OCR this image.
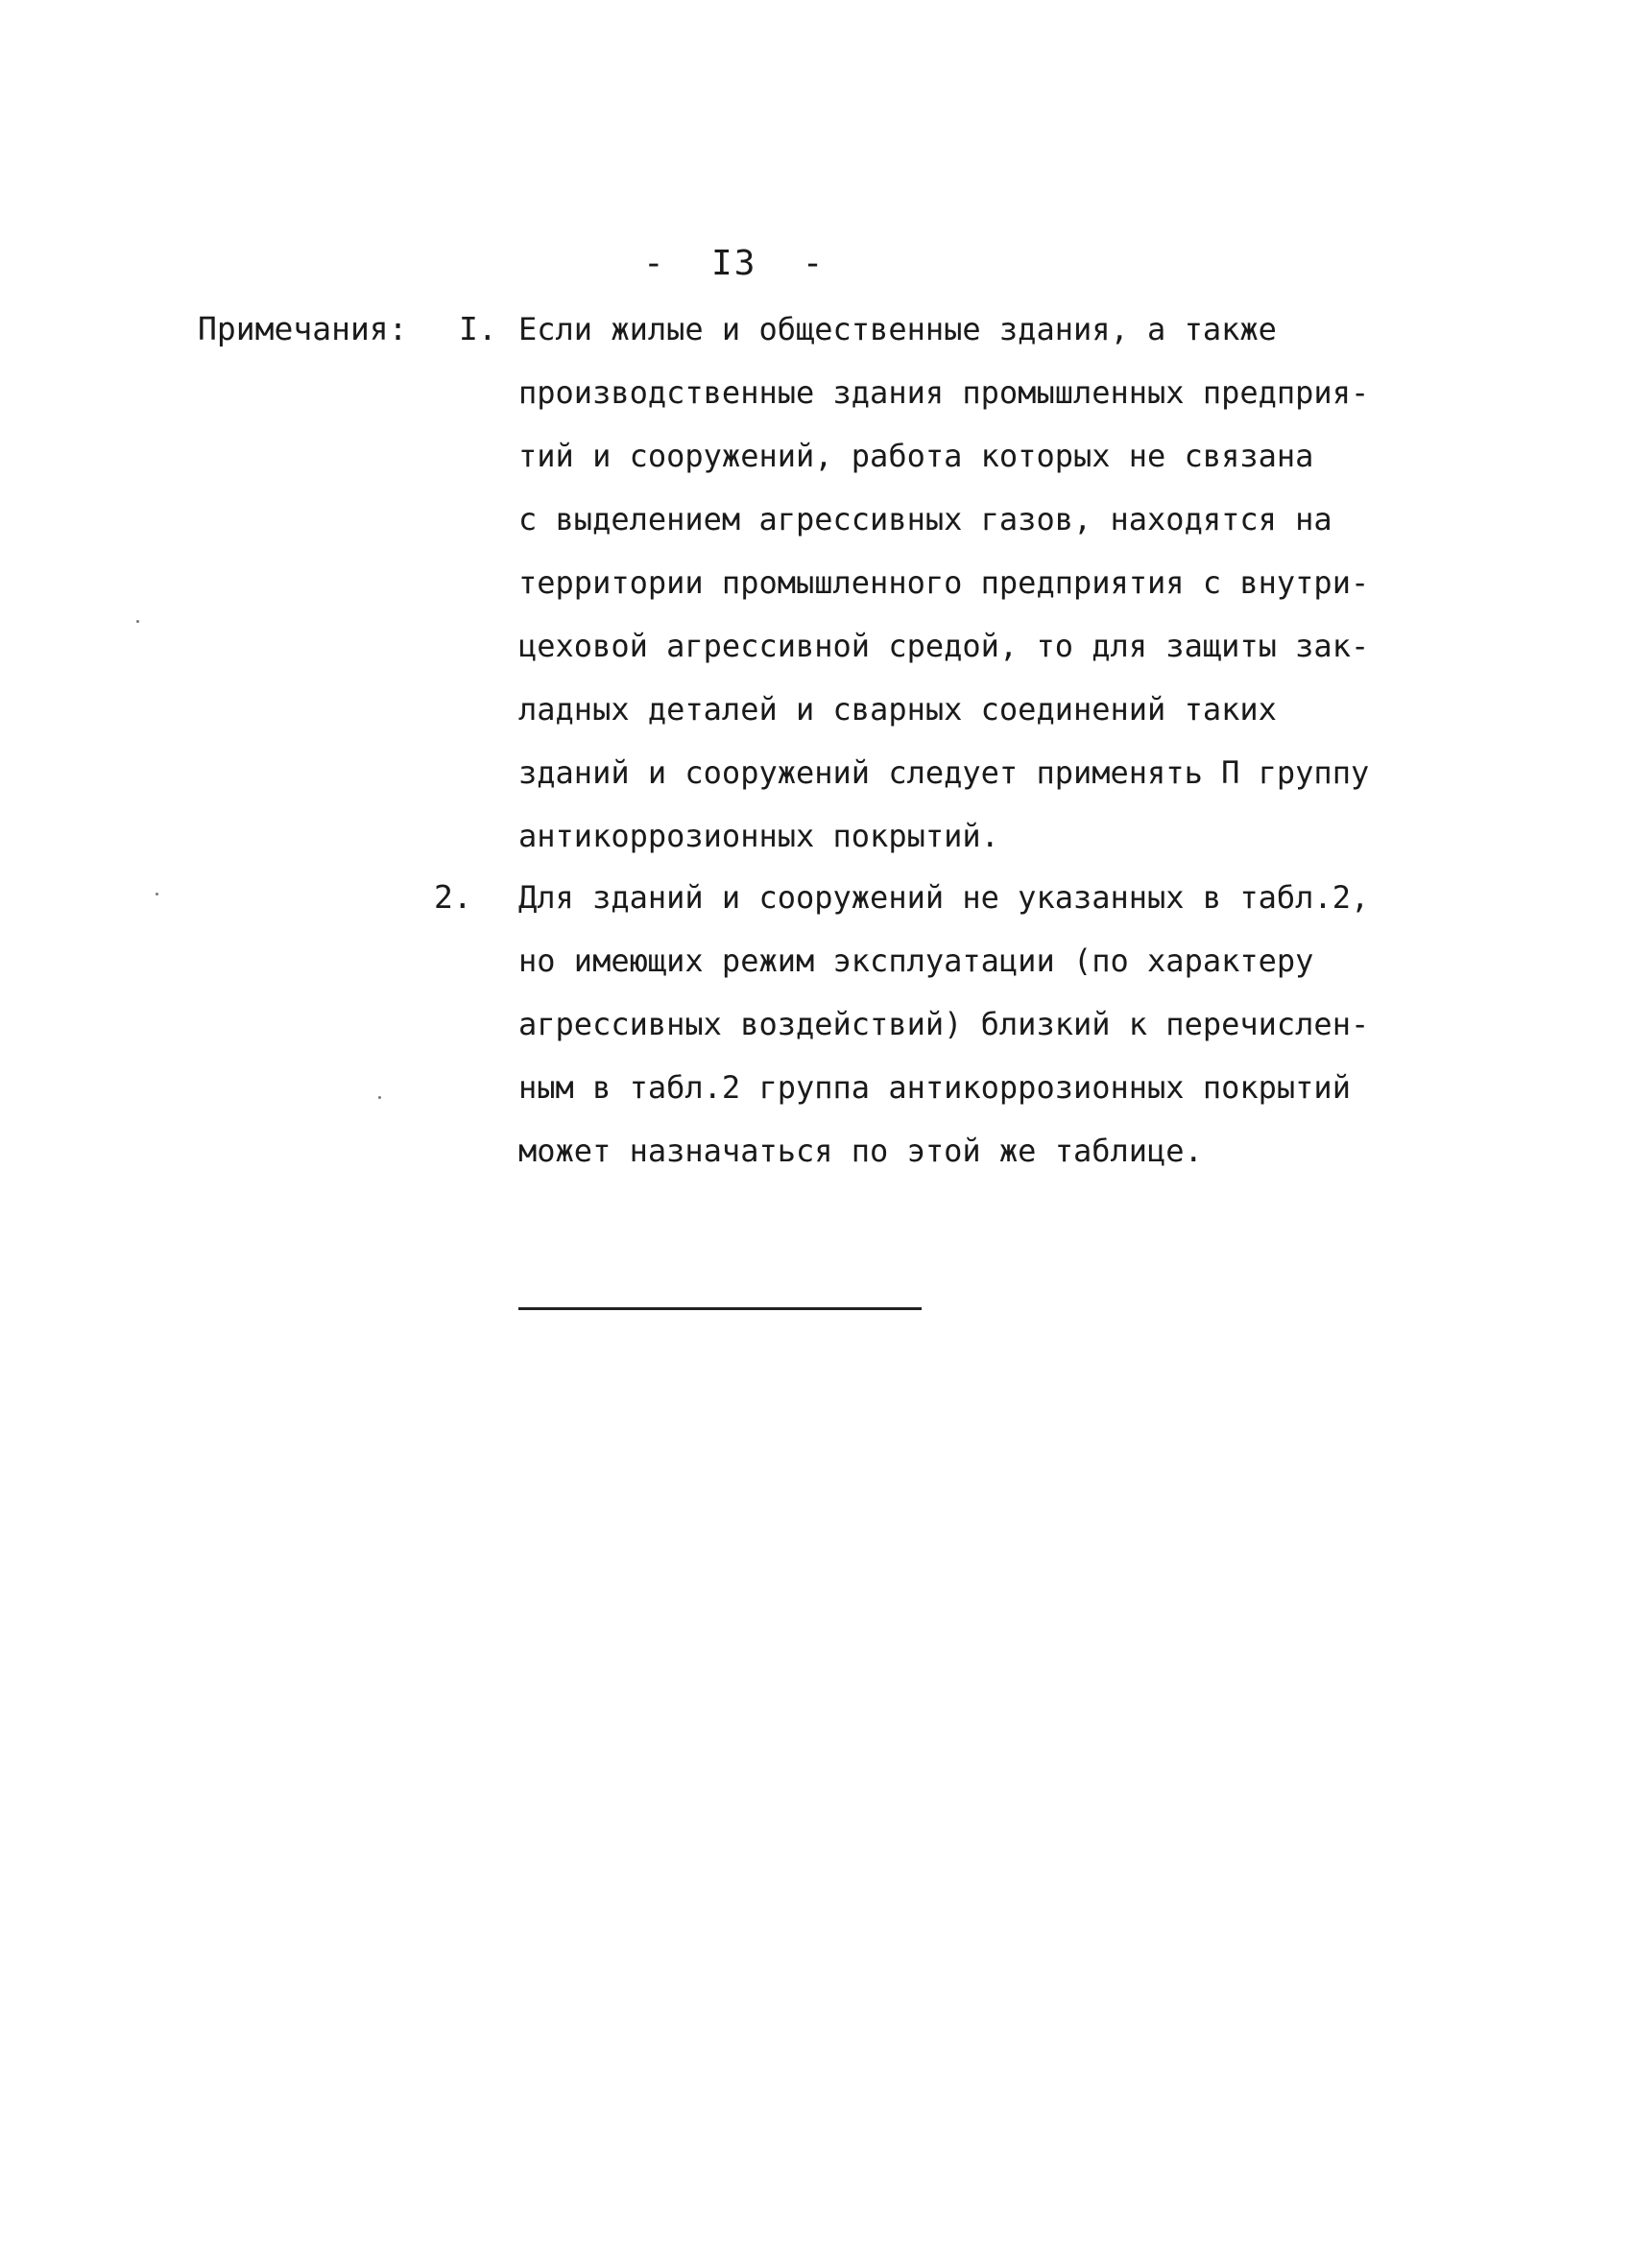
-  I3  -
Примечания: I. Если жилые и общественные здания, а также
производственные здания промышленных предприя-
тий и сооружений, работа которых не связана
с выделением агрессивных газов, находятся на
территории промышленного предприятия с внутри-
цеховой агрессивной средой, то для защиты зак-
ладных деталей и сварных соединений таких
зданий и сооружений следует применять П группу
антикоррозионных покрытий.
2. Для зданий и сооружений не указанных в табл.2,
но имеющих режим эксплуатации (по характеру
агрессивных воздействий) близкий к перечислен-
ным в табл.2 группа антикоррозионных покрытий
может назначаться по этой же таблице.
